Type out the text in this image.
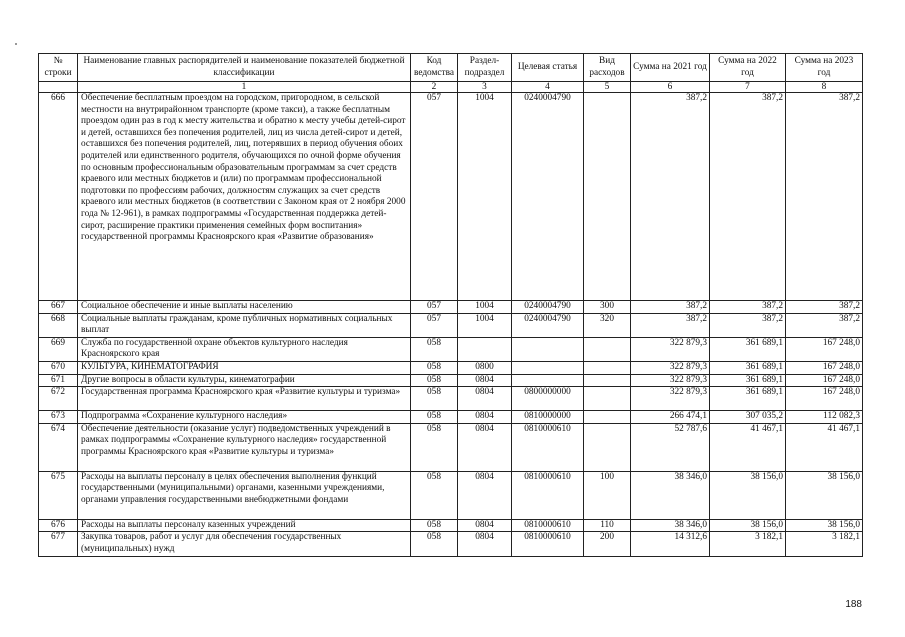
№ строки	Наименование главных распорядителей и наименование показателей бюджетной классификации	Код ведомства	Раздел-подраздел	Целевая статья	Вид расходов	Сумма на 2021 год	Сумма на 2022 год	Сумма на 2023 год
	1	2	3	4	5	6	7	8
666	Обеспечение бесплатным проездом на городском, пригородном, в сельской местности на внутрирайонном транспорте (кроме такси), а также бесплатным проездом один раз в год к месту жительства и обратно к месту учебы детей-сирот и детей, оставшихся без попечения родителей, лиц из числа детей-сирот и детей, оставшихся без попечения родителей, лиц, потерявших в период обучения обоих родителей или единственного родителя, обучающихся по очной форме обучения по основным профессиональным образовательным программам за счет средств краевого или местных бюджетов и (или) по программам профессиональной подготовки по профессиям рабочих, должностям служащих за счет средств краевого или местных бюджетов (в соответствии с Законом края от 2 ноября 2000 года № 12-961), в рамках подпрограммы «Государственная поддержка детей-сирот, расширение практики применения семейных форм воспитания» государственной программы Красноярского края «Развитие образования»	057	1004	0240004790		387,2	387,2	387,2
667	Социальное обеспечение и иные выплаты населению	057	1004	0240004790	300	387,2	387,2	387,2
668	Социальные выплаты гражданам, кроме публичных нормативных социальных выплат	057	1004	0240004790	320	387,2	387,2	387,2
669	Служба по государственной охране объектов культурного наследия Красноярского края	058				322 879,3	361 689,1	167 248,0
670	КУЛЬТУРА, КИНЕМАТОГРАФИЯ	058	0800			322 879,3	361 689,1	167 248,0
671	Другие вопросы в области культуры, кинематографии	058	0804			322 879,3	361 689,1	167 248,0
672	Государственная программа Красноярского края «Развитие культуры и туризма»	058	0804	0800000000		322 879,3	361 689,1	167 248,0
673	Подпрограмма «Сохранение культурного наследия»	058	0804	0810000000		266 474,1	307 035,2	112 082,3
674	Обеспечение деятельности (оказание услуг) подведомственных учреждений в рамках подпрограммы «Сохранение культурного наследия» государственной программы Красноярского края «Развитие культуры и туризма»	058	0804	0810000610		52 787,6	41 467,1	41 467,1
675	Расходы на выплаты персоналу в целях обеспечения выполнения функций государственными (муниципальными) органами, казенными учреждениями, органами управления государственными внебюджетными фондами	058	0804	0810000610	100	38 346,0	38 156,0	38 156,0
676	Расходы на выплаты персоналу казенных учреждений	058	0804	0810000610	110	38 346,0	38 156,0	38 156,0
677	Закупка товаров, работ и услуг для обеспечения государственных (муниципальных) нужд	058	0804	0810000610	200	14 312,6	3 182,1	3 182,1
188
